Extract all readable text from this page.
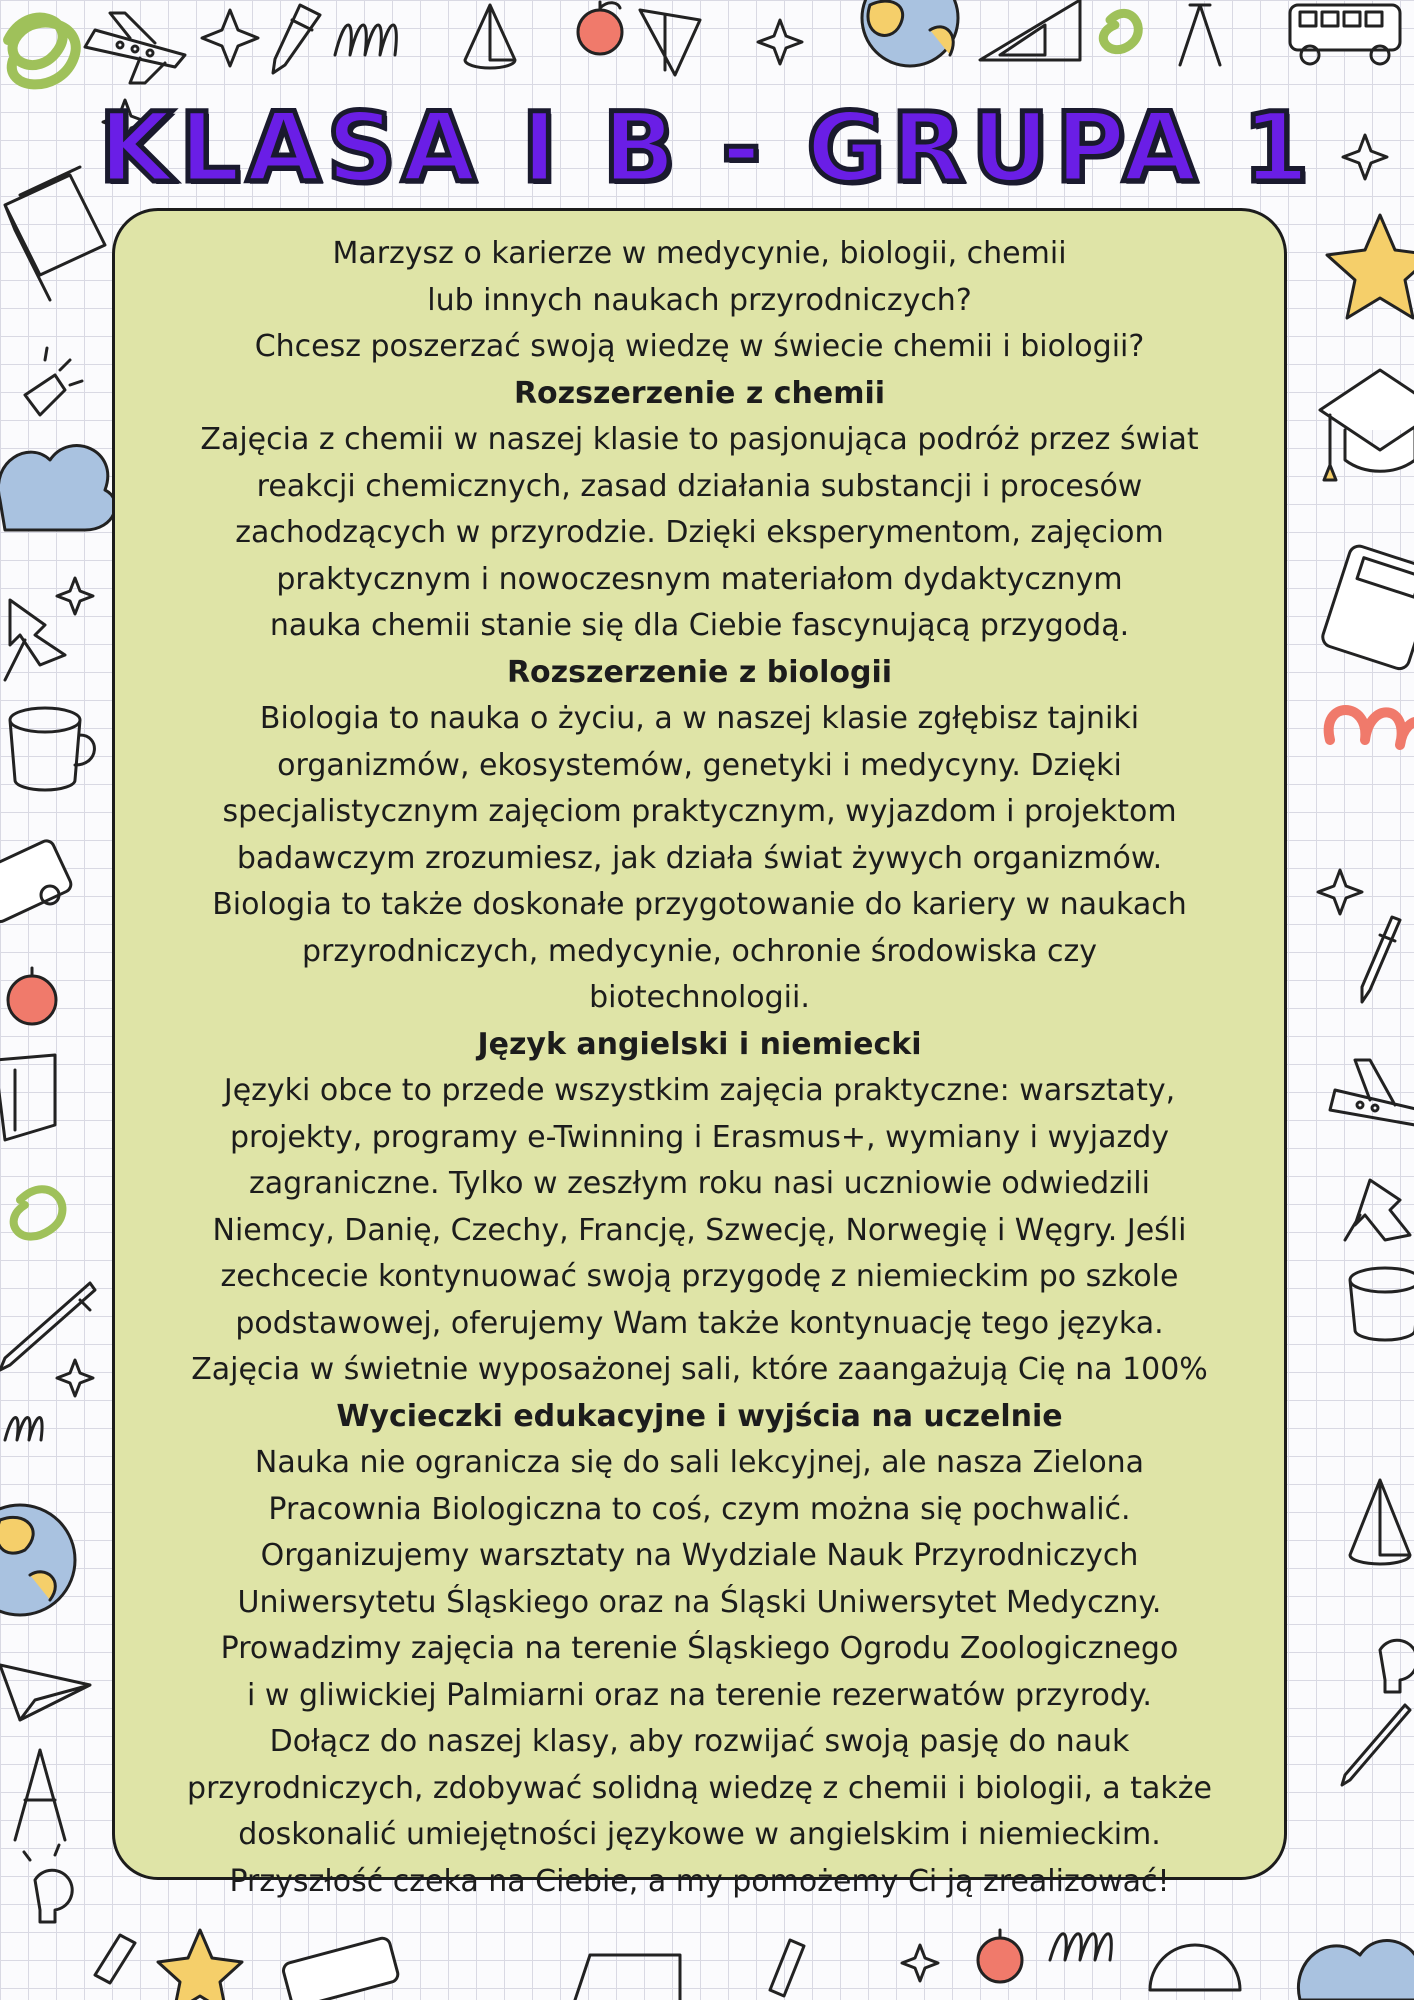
KLASA I B - GRUPA 1

Marzysz o karierze w medycynie, biologii, chemii

lub innych naukach przyrodniczych?

Chcesz poszerzać swoją wiedzę w świecie chemii i biologii?

Rozszerzenie z chemii

Zajęcia z chemii w naszej klasie to pasjonująca podróż przez świat

reakcji chemicznych, zasad działania substancji i procesów

zachodzących w przyrodzie. Dzięki eksperymentom, zajęciom

praktycznym i nowoczesnym materiałom dydaktycznym

nauka chemii stanie się dla Ciebie fascynującą przygodą.

Rozszerzenie z biologii

Biologia to nauka o życiu, a w naszej klasie zgłębisz tajniki

organizmów, ekosystemów, genetyki i medycyny. Dzięki

specjalistycznym zajęciom praktycznym, wyjazdom i projektom

badawczym zrozumiesz, jak działa świat żywych organizmów.

Biologia to także doskonałe przygotowanie do kariery w naukach

przyrodniczych, medycynie, ochronie środowiska czy

biotechnologii.

Język angielski i niemiecki

Języki obce to przede wszystkim zajęcia praktyczne: warsztaty,

projekty, programy e-Twinning i Erasmus+, wymiany i wyjazdy

zagraniczne. Tylko w zeszłym roku nasi uczniowie odwiedzili

Niemcy, Danię, Czechy, Francję, Szwecję, Norwegię i Węgry. Jeśli

zechcecie kontynuować swoją przygodę z niemieckim po szkole

podstawowej, oferujemy Wam także kontynuację tego języka.

Zajęcia w świetnie wyposażonej sali, które zaangażują Cię na 100%

Wycieczki edukacyjne i wyjścia na uczelnie

Nauka nie ogranicza się do sali lekcyjnej, ale nasza Zielona

Pracownia Biologiczna to coś, czym można się pochwalić.

Organizujemy warsztaty na Wydziale Nauk Przyrodniczych

Uniwersytetu Śląskiego oraz na Śląski Uniwersytet Medyczny.

Prowadzimy zajęcia na terenie Śląskiego Ogrodu Zoologicznego

i w gliwickiej Palmiarni oraz na terenie rezerwatów przyrody.

Dołącz do naszej klasy, aby rozwijać swoją pasję do nauk

przyrodniczych, zdobywać solidną wiedzę z chemii i biologii, a także

doskonalić umiejętności językowe w angielskim i niemieckim.

Przyszłość czeka na Ciebie, a my pomożemy Ci ją zrealizować!
